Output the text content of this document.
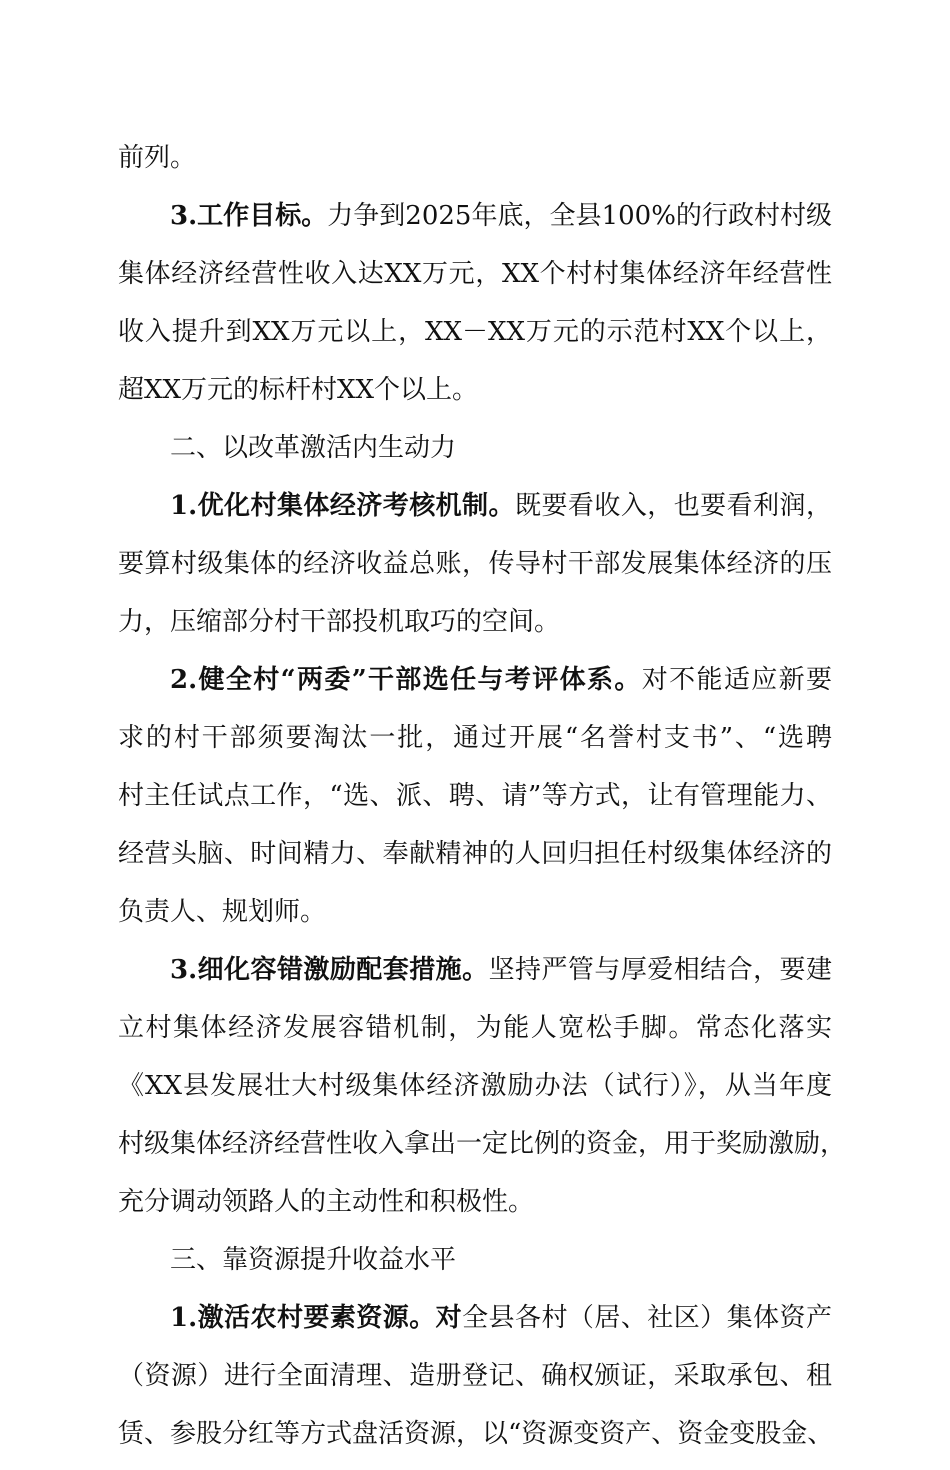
前列。
3.工作目标。力争到2025年底，全县100%的行政村村级
集体经济经营性收入达XX万元，XX个村村集体经济年经营性
收入提升到XX万元以上，XX－XX万元的示范村XX个以上，
超XX万元的标杆村XX个以上。
二、以改革激活内生动力
1.优化村集体经济考核机制。既要看收入，也要看利润，
要算村级集体的经济收益总账，传导村干部发展集体经济的压
力，压缩部分村干部投机取巧的空间。
2.健全村“两委”干部选任与考评体系。对不能适应新要
求的村干部须要淘汰一批，通过开展“名誉村支书”、“选聘
村主任试点工作，“选、派、聘、请”等方式，让有管理能力、
经营头脑、时间精力、奉献精神的人回归担任村级集体经济的
负责人、规划师。
3.细化容错激励配套措施。坚持严管与厚爱相结合，要建
立村集体经济发展容错机制，为能人宽松手脚。常态化落实
《XX县发展壮大村级集体经济激励办法（试行）》，从当年度
村级集体经济经营性收入拿出一定比例的资金，用于奖励激励，
充分调动领路人的主动性和积极性。
三、靠资源提升收益水平
1.激活农村要素资源。对全县各村（居、社区）集体资产
（资源）进行全面清理、造册登记、确权颁证，采取承包、租
赁、参股分红等方式盘活资源，以“资源变资产、资金变股金、
